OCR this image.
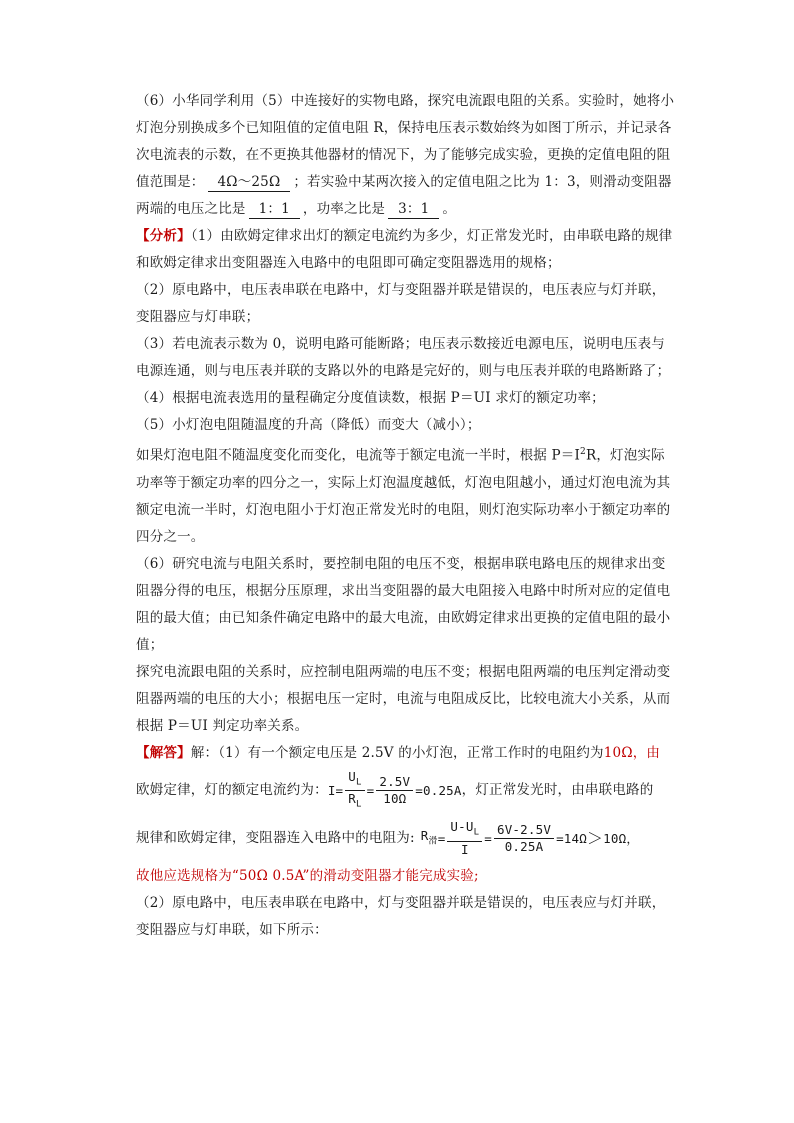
（6）小华同学利用（5）中连接好的实物电路，探究电流跟电阻的关系。实验时，她将小灯泡分别换成多个已知阻值的定值电阻 R，保持电压表示数始终为如图丁所示，并记录各次电流表的示数，在不更换其他器材的情况下，为了能够完成实验，更换的定值电阻的阻值范围是： 4Ω～25Ω ；若实验中某两次接入的定值电阻之比为 1：3，则滑动变阻器两端的电压之比是 1：1 ，功率之比是 3：1 。

【分析】（1）由欧姆定律求出灯的额定电流约为多少，灯正常发光时，由串联电路的规律和欧姆定律求出变阻器连入电路中的电阻即可确定变阻器选用的规格；

（2）原电路中，电压表串联在电路中，灯与变阻器并联是错误的，电压表应与灯并联，变阻器应与灯串联；

（3）若电流表示数为 0，说明电路可能断路；电压表示数接近电源电压，说明电压表与电源连通，则与电压表并联的支路以外的电路是完好的，则与电压表并联的电路断路了；

（4）根据电流表选用的量程确定分度值读数，根据 P＝UI 求灯的额定功率；

（5）小灯泡电阻随温度的升高（降低）而变大（减小）；

如果灯泡电阻不随温度变化而变化，电流等于额定电流一半时，根据 $P=I^2R$，灯泡实际功率等于额定功率的四分之一，实际上灯泡温度越低，灯泡电阻越小，通过灯泡电流为其额定电流一半时，灯泡电阻小于灯泡正常发光时的电阻，则灯泡实际功率小于额定功率的四分之一。

（6）研究电流与电阻关系时，要控制电阻的电压不变，根据串联电路电压的规律求出变阻器分得的电压，根据分压原理，求出当变阻器的最大电阻接入电路中时所对应的定值电阻的最大值；由已知条件确定电路中的最大电流，由欧姆定律求出更换的定值电阻的最小值；

探究电流跟电阻的关系时，应控制电阻两端的电压不变；根据电阻两端的电压判定滑动变阻器两端的电压的大小；根据电压一定时，电流与电阻成反比，比较电流大小关系，从而根据 P＝UI 判定功率关系。

【解答】解：（1）有一个额定电压是 2.5V 的小灯泡，正常工作时的电阻约为10Ω，由

欧姆定律，灯的额定电流约为： $I= \frac{U_L}{R_L} = \frac{2.5V}{10\Omega} =0.25A$ ，灯正常发光时，由串联电路的
规律和欧姆定律，变阻器连入电路中的电阻为: $R_滑 = \frac{U-U_L}{I} = \frac{6V-2.5V}{0.25A} =14\Omega > 10\Omega$，

故他应选规格为“50Ω 0.5A”的滑动变阻器才能完成实验;

（2）原电路中，电压表串联在电路中，灯与变阻器并联是错误的，电压表应与灯并联，变阻器应与灯串联，如下所示：
